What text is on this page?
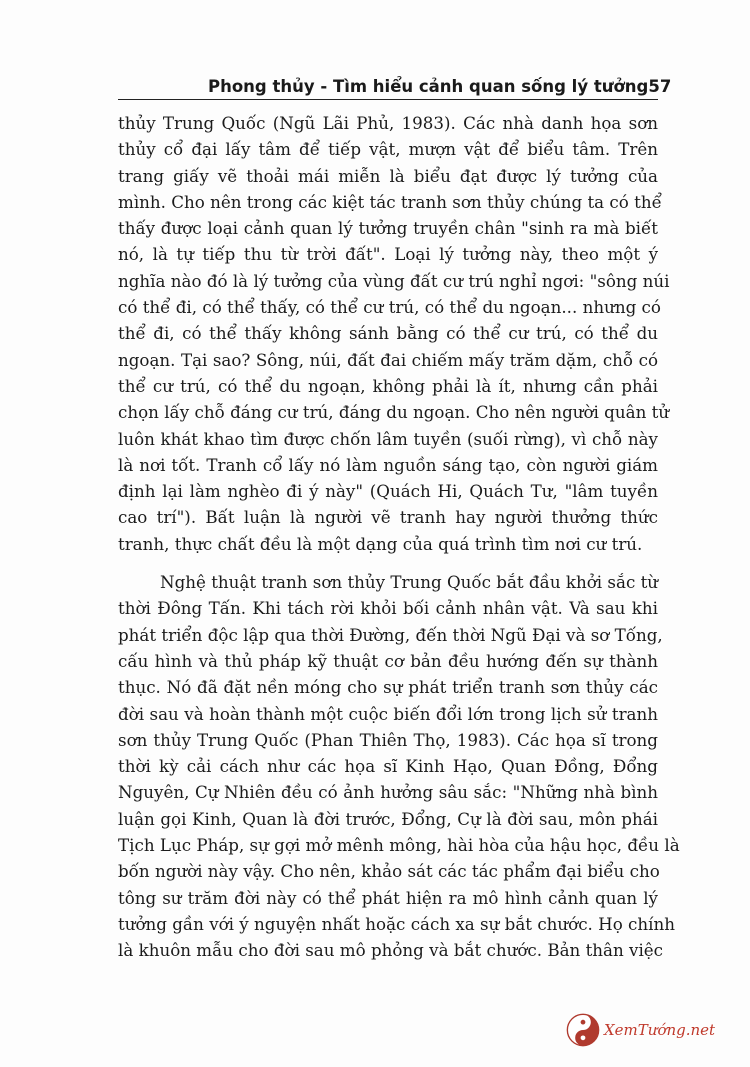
Phong thủy - Tìm hiểu cảnh quan sống lý tưởng 57

thủy Trung Quốc (Ngũ Lãi Phủ, 1983). Các nhà danh họa sơn
thủy cổ đại lấy tâm để tiếp vật, mượn vật để biểu tâm. Trên
trang giấy vẽ thoải mái miễn là biểu đạt được lý tưởng của
mình. Cho nên trong các kiệt tác tranh sơn thủy chúng ta có thể
thấy được loại cảnh quan lý tưởng truyền chân "sinh ra mà biết
nó, là tự tiếp thu từ trời đất". Loại lý tưởng này, theo một ý
nghĩa nào đó là lý tưởng của vùng đất cư trú nghỉ ngơi: "sông núi
có thể đi, có thể thấy, có thể cư trú, có thể du ngoạn... nhưng có
thể đi, có thể thấy không sánh bằng có thể cư trú, có thể du
ngoạn. Tại sao? Sông, núi, đất đai chiếm mấy trăm dặm, chỗ có
thể cư trú, có thể du ngoạn, không phải là ít, nhưng cần phải
chọn lấy chỗ đáng cư trú, đáng du ngoạn. Cho nên người quân tử
luôn khát khao tìm được chốn lâm tuyền (suối rừng), vì chỗ này
là nơi tốt. Tranh cổ lấy nó làm nguồn sáng tạo, còn người giám
định lại làm nghèo đi ý này" (Quách Hi, Quách Tư, "lâm tuyền
cao trí"). Bất luận là người vẽ tranh hay người thưởng thức
tranh, thực chất đều là một dạng của quá trình tìm nơi cư trú.

Nghệ thuật tranh sơn thủy Trung Quốc bắt đầu khởi sắc từ
thời Đông Tấn. Khi tách rời khỏi bối cảnh nhân vật. Và sau khi
phát triển độc lập qua thời Đường, đến thời Ngũ Đại và sơ Tống,
cấu hình và thủ pháp kỹ thuật cơ bản đều hướng đến sự thành
thục. Nó đã đặt nền móng cho sự phát triển tranh sơn thủy các
đời sau và hoàn thành một cuộc biến đổi lớn trong lịch sử tranh
sơn thủy Trung Quốc (Phan Thiên Thọ, 1983). Các họa sĩ trong
thời kỳ cải cách như các họa sĩ Kinh Hạo, Quan Đồng, Đổng
Nguyên, Cự Nhiên đều có ảnh hưởng sâu sắc: "Những nhà bình
luận gọi Kinh, Quan là đời trước, Đổng, Cự là đời sau, môn phái
Tịch Lục Pháp, sự gợi mở mênh mông, hài hòa của hậu học, đều là
bốn người này vậy. Cho nên, khảo sát các tác phẩm đại biểu cho
tông sư trăm đời này có thể phát hiện ra mô hình cảnh quan lý
tưởng gần với ý nguyện nhất hoặc cách xa sự bắt chước. Họ chính
là khuôn mẫu cho đời sau mô phỏng và bắt chước. Bản thân việc

XemTướng.net
